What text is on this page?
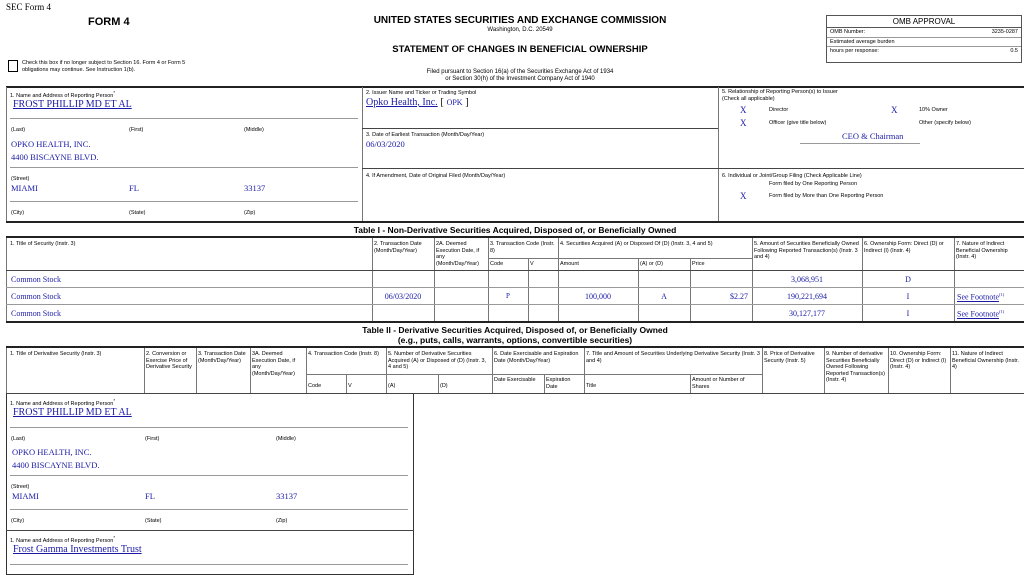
SEC Form 4
FORM 4
Check this box if no longer subject to Section 16. Form 4 or Form 5 obligations may continue. See Instruction 1(b).
UNITED STATES SECURITIES AND EXCHANGE COMMISSION
Washington, D.C. 20549
STATEMENT OF CHANGES IN BENEFICIAL OWNERSHIP
Filed pursuant to Section 16(a) of the Securities Exchange Act of 1934
or Section 30(h) of the Investment Company Act of 1940
OMB APPROVAL
OMB Number:	3235-0287
Estimated average burden
hours per response:	0.5
1. Name and Address of Reporting Person*
FROST PHILLIP MD ET AL
(Last)	(First)	(Middle)
OPKO HEALTH, INC.
4400 BISCAYNE BLVD.
(Street)
MIAMI	FL	33137
(City)	(State)	(Zip)
2. Issuer Name and Ticker or Trading Symbol
Opko Health, Inc. [ OPK ]
3. Date of Earliest Transaction (Month/Day/Year)
06/03/2020
4. If Amendment, Date of Original Filed (Month/Day/Year)
5. Relationship of Reporting Person(s) to Issuer
(Check all applicable)
X	Director	X	10% Owner
X	Officer (give title below)	Other (specify below)
CEO & Chairman
6. Individual or Joint/Group Filing (Check Applicable Line)
Form filed by One Reporting Person
X	Form filed by More than One Reporting Person
Table I - Non-Derivative Securities Acquired, Disposed of, or Beneficially Owned
1. Title of Security (Instr. 3)	2. Transaction Date (Month/Day/Year)
2A. Deemed Execution Date, if any (Month/Day/Year)
3. Transaction Code (Instr. 8)
4. Securities Acquired (A) or Disposed Of (D) (Instr. 3, 4 and 5)	5. Amount of Securities Beneficially Owned Following Reported Transaction(s) (Instr. 3 and 4)
6. Ownership Form: Direct (D) or Indirect (I) (Instr. 4)
7. Nature of Indirect Beneficial Ownership (Instr. 4)
Code	V	Amount	(A) or (D)	Price
Common Stock	3,068,951	D
Common Stock	06/03/2020	P	100,000	A	$2.27	190,221,694	I	See Footnote$^{(1)}$
Common Stock	30,127,177	I	See Footnote$^{(1)}$
Table II - Derivative Securities Acquired, Disposed of, or Beneficially Owned
(e.g., puts, calls, warrants, options, convertible securities)
1. Title of Derivative Security (Instr. 3)	2. Conversion or Exercise Price of Derivative Security
3. Transaction Date (Month/Day/Year)
3A. Deemed Execution Date, if any (Month/Day/Year)
4. Transaction Code (Instr. 8)	5. Number of Derivative Securities Acquired (A) or Disposed of (D) (Instr. 3, 4 and 5)
6. Date Exercisable and Expiration Date (Month/Day/Year)
7. Title and Amount of Securities Underlying Derivative Security (Instr. 3 and 4)
8. Price of Derivative Security (Instr. 5)
9. Number of derivative Securities Beneficially Owned Following Reported Transaction(s) (Instr. 4)
10. Ownership Form: Direct (D) or Indirect (I) (Instr. 4)
11. Nature of Indirect Beneficial Ownership (Instr. 4)
Code	V	(A)	(D)
Date Exercisable	Expiration Date	Title
Amount or Number of Shares
1. Name and Address of Reporting Person*
FROST PHILLIP MD ET AL
(Last)	(First)	(Middle)
OPKO HEALTH, INC.
4400 BISCAYNE BLVD.
(Street)
MIAMI	FL	33137
(City)	(State)	(Zip)
1. Name and Address of Reporting Person*
Frost Gamma Investments Trust
